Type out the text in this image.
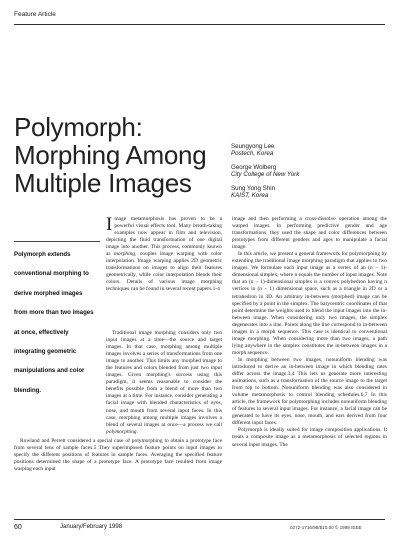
Feature Article
Polymorph:
Morphing Among
Multiple Images
Seungyong Lee
Postech, Korea
George Wolberg
City College of New York
Sung Yong Shin
KAIST, Korea
Polymorph extends
conventional morphing to
derive morphed images
from more than two images
at once, effectively
integrating geometric
manipulations and color
blending.

Image metamorphosis has proven to be a powerful visual effects tool. Many breath-taking examples now appear in film and television, depicting the fluid transformation of one digital image into another. This process, commonly known as morphing, couples image warping with color interpolation. Image warping applies 2D geometric transformations on images to align their features geometrically, while color interpolation blends their colors. Details of various image morphing techniques can be found in several recent papers.1-4

Traditional image morphing considers only two input images at a time—the source and target images. In that case, morphing among multiple images involves a series of transformations from one image to another. This limits any morphed image to the features and colors blended from just two input images. Given morphing's success using this paradigm, it seems reasonable to consider the benefits possible from a blend of more than two images at a time. For instance, consider generating a facial image with blended characteristics of eyes, nose, and mouth from several input faces. In this case, morphing among multiple images involves a blend of several images at once—a process we call polymorphing.

Rowland and Perrett considered a special case of polymorphing to obtain a prototype face from several tens of sample faces.5 They superimposed feature points on input images to specify the different positions of features in sample faces. Averaging the specified feature positions determined the shape of a prototype face. A prototype face resulted from image warping each input

image and then performing a cross-dissolve operation among the warped images. In performing predictive gender and age transformations, they used the shape and color differences between prototypes from different genders and ages to manipulate a facial image.

In this article, we present a general framework for polymorphing by extending the traditional image morphing paradigm that applies to two images. We formulate each input image as a vertex of an (n − 1)-dimensional simplex, where n equals the number of input images. Note that an (n − 1)-dimensional simplex is a convex polyhedron having n vertices in (n − 1) dimensional space, such as a triangle in 2D or a tetrahedron in 3D. An arbitrary in-between (morphed) image can be specified by a point in the simplex. The barycentric coordinates of that point determine the weights used to blend the input images into the in-between image. When considering only two images, the simplex degenerates into a line. Points along the line correspond to in-between images in a morph sequence. This case is identical to conventional image morphing. When considering more than two images, a path lying anywhere in the simplex constitutes the in-between images in a morph sequence.

In morphing between two images, nonuniform blending was introduced to derive an in-between image in which blending rates differ across the image.3,4 This lets us generate more interesting animations, such as a transformation of the source image to the target from top to bottom. Nonuniform blending was also considered in volume metamorphosis to control blending schedules.6,7 In this article, the framework for polymorphing includes nonuniform blending of features in several input images. For instance, a facial image can be generated to have its eyes, nose, mouth, and ears derived from four different input faces.

Polymorph is ideally suited for image composition applications. It treats a composite image as a metamorphosis of selected regions in several input images. The

60	January/February 1998	0272-1716/98/$10.00 © 1998 IEEE
